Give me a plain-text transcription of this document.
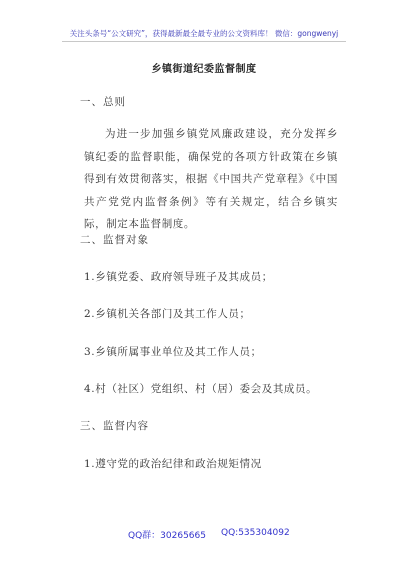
关注头条号“公文研究”，获得最新最全最专业的公文资料库！ 微信：gongwenyj
乡镇街道纪委监督制度
一、总则
为进一步加强乡镇党风廉政建设，充分发挥乡镇纪委的监督职能，确保党的各项方针政策在乡镇得到有效贯彻落实，根据《中国共产党章程》《中国共产党党内监督条例》等有关规定，结合乡镇实际，制定本监督制度。
二、监督对象
1.乡镇党委、政府领导班子及其成员；
2.乡镇机关各部门及其工作人员；
3.乡镇所属事业单位及其工作人员；
4.村（社区）党组织、村（居）委会及其成员。
三、监督内容
1.遵守党的政治纪律和政治规矩情况
QQ群：30265665 QQ:535304092
